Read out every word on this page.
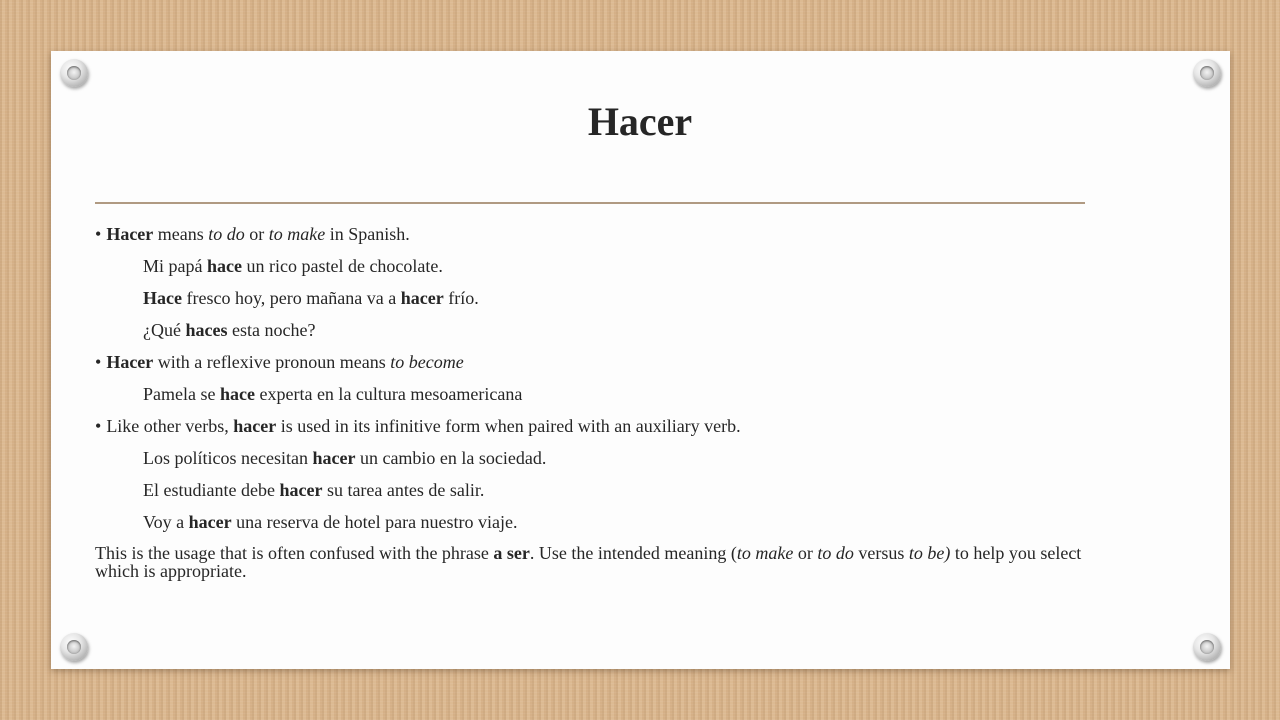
Hacer
• Hacer means to do or to make in Spanish.
Mi papá hace un rico pastel de chocolate.
Hace fresco hoy, pero mañana va a hacer frío.
¿Qué haces esta noche?
• Hacer with a reflexive pronoun means to become
Pamela se hace experta en la cultura mesoamericana
• Like other verbs, hacer is used in its infinitive form when paired with an auxiliary verb.
Los políticos necesitan hacer un cambio en la sociedad.
El estudiante debe hacer su tarea antes de salir.
Voy a hacer una reserva de hotel para nuestro viaje.
This is the usage that is often confused with the phrase a ser. Use the intended meaning (to make or to do versus to be) to help you select which is appropriate.
